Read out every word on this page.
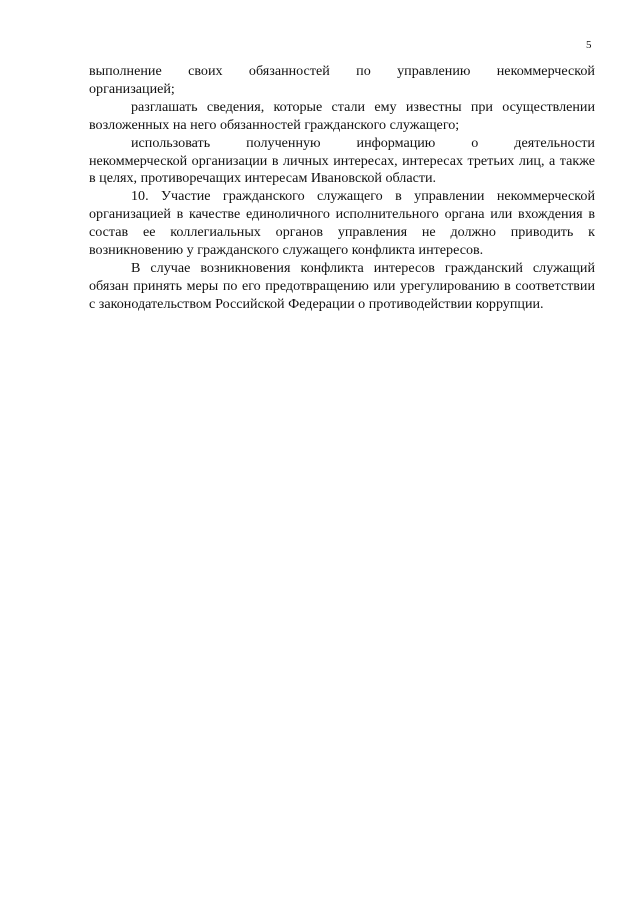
5
выполнение своих обязанностей по управлению некоммерческой
организацией;

разглашать сведения, которые стали ему известны при осуществлении возложенных на него обязанностей гражданского служащего;

использовать	полученную	информацию	о	деятельности
некоммерческой организации в личных интересах, интересах третьих лиц, а также в целях, противоречащих интересам Ивановской области.

10. Участие гражданского служащего в управлении некоммерческой организацией в качестве единоличного исполнительного органа или вхождения в состав ее коллегиальных органов управления не должно приводить к возникновению у гражданского служащего конфликта интересов.

В случае возникновения конфликта интересов гражданский служащий обязан принять меры по его предотвращению или урегулированию в соответствии с законодательством Российской Федерации о противодействии коррупции.
